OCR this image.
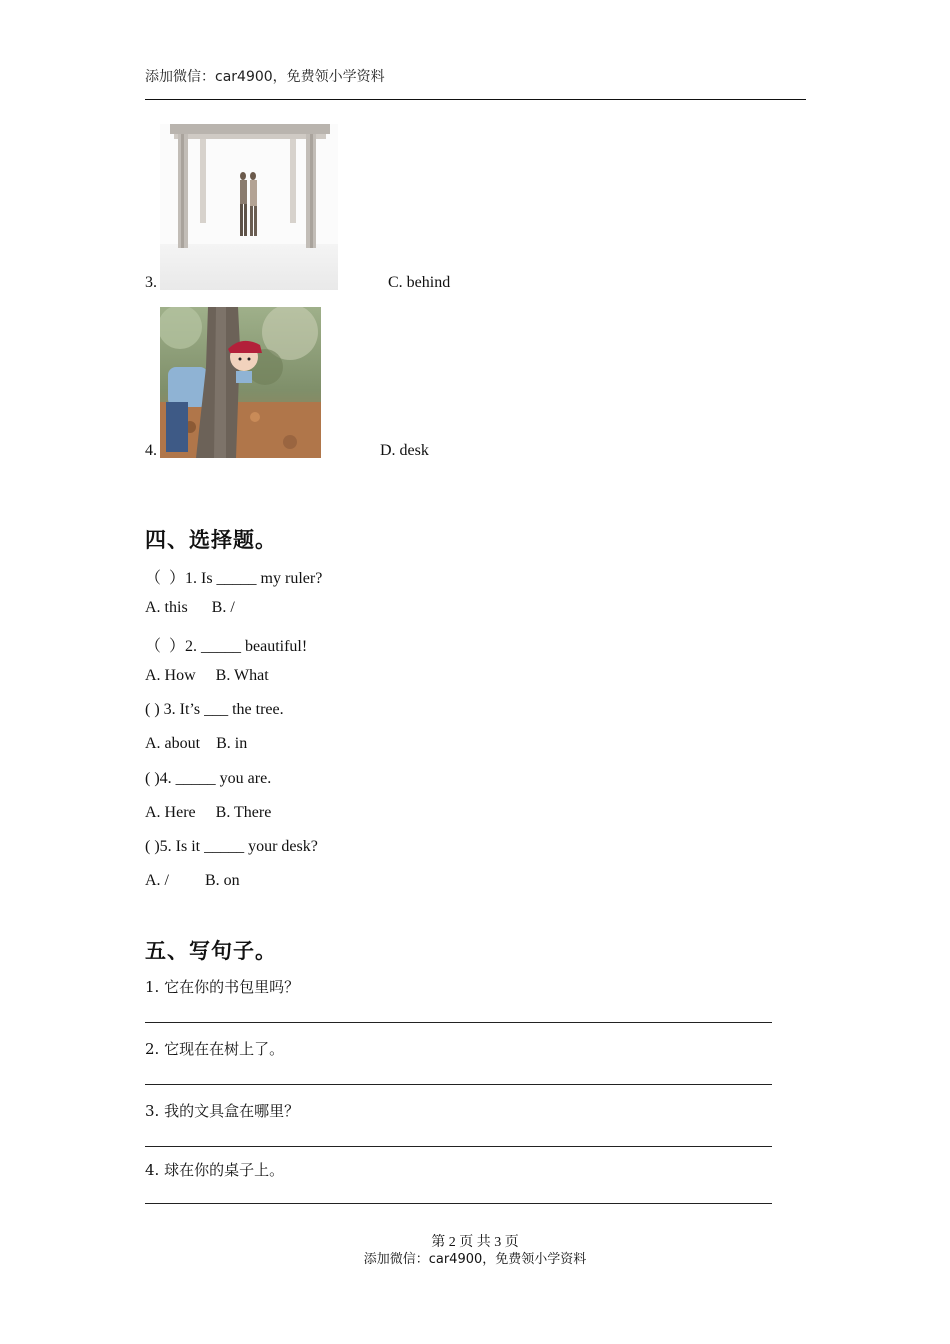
添加微信：car4900，免费领小学资料
3.	C. behind
4.	D. desk
四、选择题。
（  ）1. Is _____ my ruler?
A. this      B. /
（  ）2. _____ beautiful!
A. How     B. What
( ) 3. It’s ___ the tree.
A. about    B. in
( )4. _____ you are.
A. Here     B. There
( )5. Is it _____ your desk?
A. /         B. on
五、写句子。
1. 它在你的书包里吗？
2. 它现在在树上了。
3. 我的文具盒在哪里？
4. 球在你的桌子上。
第 2 页 共 3 页
添加微信：car4900，免费领小学资料
